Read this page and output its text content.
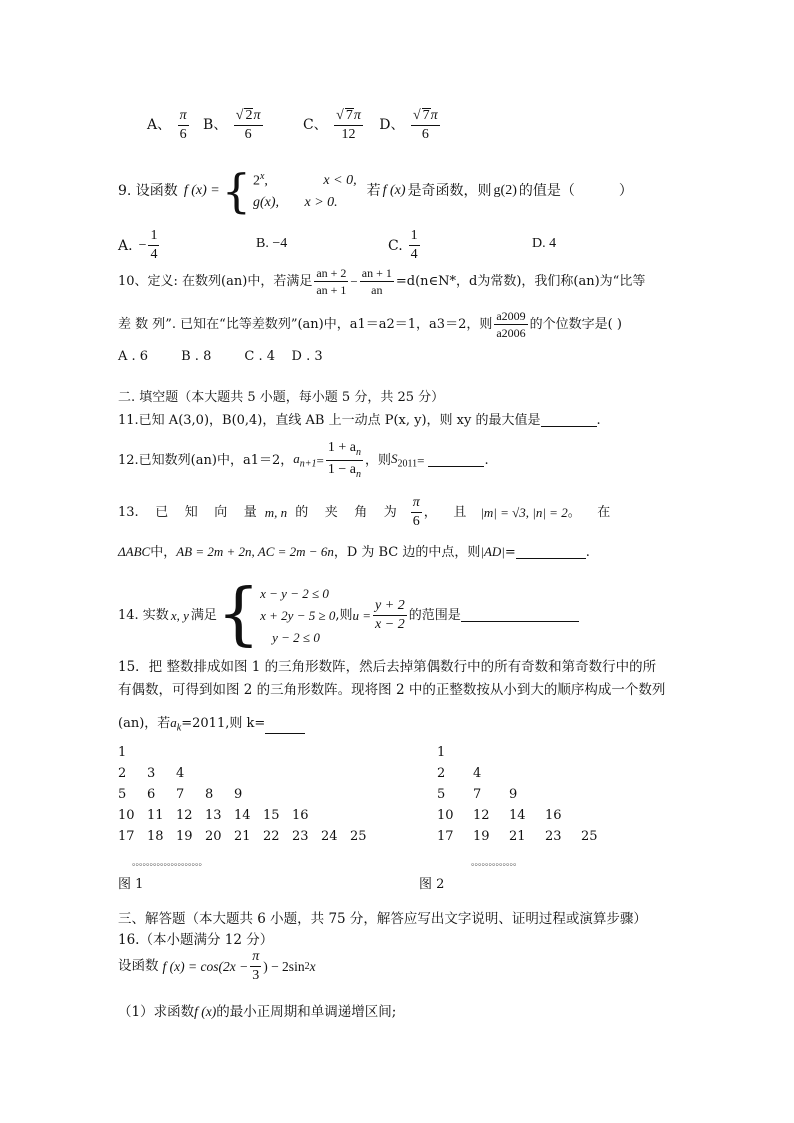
A、 $\frac{\pi}{6}$ B、 $\frac{√ 2\pi}{6}$	C、 $\frac{√ 7\pi}{12}$ D、 $\frac{√ 7\pi}{6}$
9. 设函数 f (x) = { 2$^x$,	x < 0,
g(x), x > 0.
若 f (x) 是奇函数，则 g(2) 的值是（	）
A. − $\frac{1}{4}$	B. −4	C. $\frac{1}{4}$	D. 4
10、定义: 在数列(an)中，若满足 $\frac{an + 2}{an + 1} - \frac{an + 1}{an}$ =d(n∈N*，d为常数)，我们称(an)为“比等
差 数 列”. 已知在“比等差数列”(an)中，a1＝a2＝1，a3＝2，则 $\frac{a2009}{a2006}$ 的个位数字是( )
A . 6        B . 8        C . 4    D . 3
二. 填空题（本大题共 5 小题，每小题 5 分，共 25 分）
11.已知 A(3,0)，B(0,4)，直线 AB 上一动点 P(x, y)，则 xy 的最大值是	.
12.已知数列(an)中，a1＝2， $a_{n+1} = \frac{1 + a_n}{1 - a_n}$ ，则 $S_{2011}$ =	.
13.    已    知    向    量 m, n 的    夹    角    为 $\frac{\pi}{6}$ ，    且 |m| = √3, |n| = 2 。    在
ΔABC中，AB = 2m + 2n, AC = 2m − 6n，D 为 BC 边的中点，则|AD|=	.
14. 实数 x, y 满足 { x − y − 2 ≤ 0
x + 2y − 5 ≥ 0
y − 2 ≤ 0
,则 $u = \frac{y + 2}{x - 2}$ 的范围是
15．把 整数排成如图 1 的三角形数阵，然后去掉第偶数行中的所有奇数和第奇数行中的所
有偶数，可得到如图 2 的三角形数阵。现将图 2 中的正整数按从小到大的顺序构成一个数列
(an)，若$a_k=2011$,则 k=
1
2 3 4
5 6 7 8 9
10 11 12 13 14 15 16
17 18 19 20 21 22 23 24 25
。。。。。。。。。。。。。。。。。。。。
图 1
1
2 4
5 7 9
10 12 14 16
17 19 21 23 25
。。。。。。。。。。。。。
图 2
三、解答题（本大题共 6 小题，共 75 分，解答应写出文字说明、证明过程或演算步骤）
16.（本小题满分 12 分）
设函数 f $(x) = \cos(2x - \frac{\pi}{3}$ ) − 2sin 2 x
（1）求函数f (x)的最小正周期和单调递增区间;
